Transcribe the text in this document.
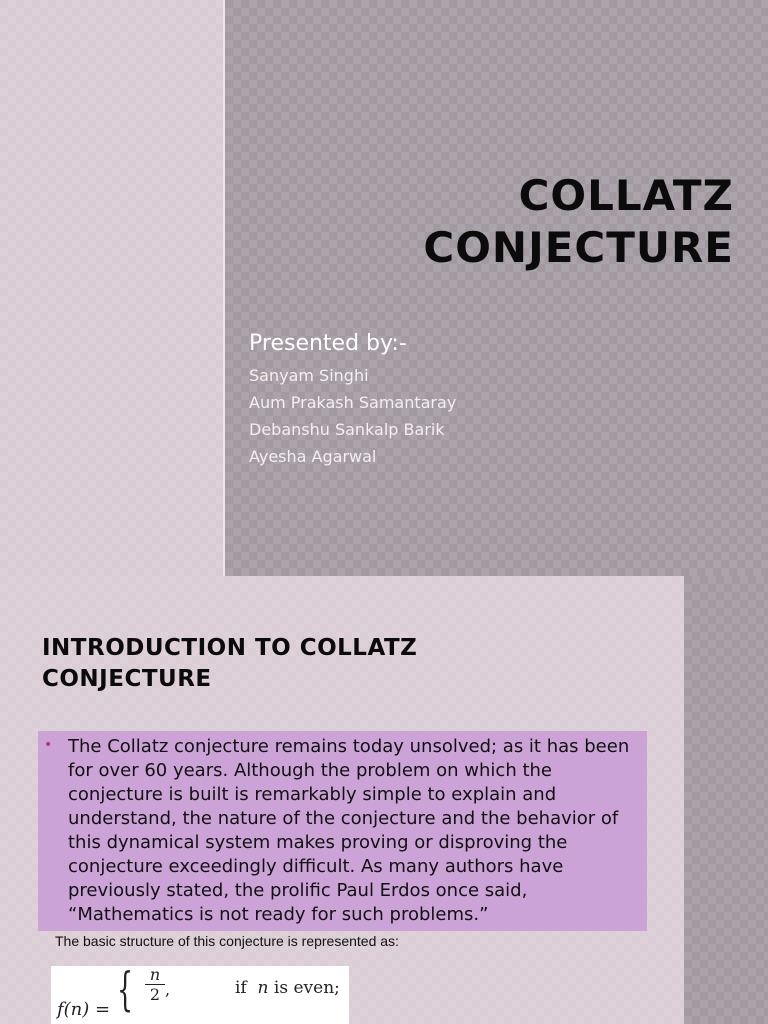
COLLATZ
CONJECTURE
Presented by:-
Sanyam Singhi
Aum Prakash Samantaray
Debanshu Sankalp Barik
Ayesha Agarwal
INTRODUCTION TO COLLATZ
CONJECTURE
• The Collatz conjecture remains today unsolved; as it has been for over 60 years. Although the problem on which the conjecture is built is remarkably simple to explain and understand, the nature of the conjecture and the behavior of this dynamical system makes proving or disproving the conjecture exceedingly difficult. As many authors have previously stated, the prolific Paul Erdos once said, “Mathematics is not ready for such problems.”

The basic structure of this conjecture is represented as:
f(n) = { $\frac{n}{2}$ ,	if n is even;
